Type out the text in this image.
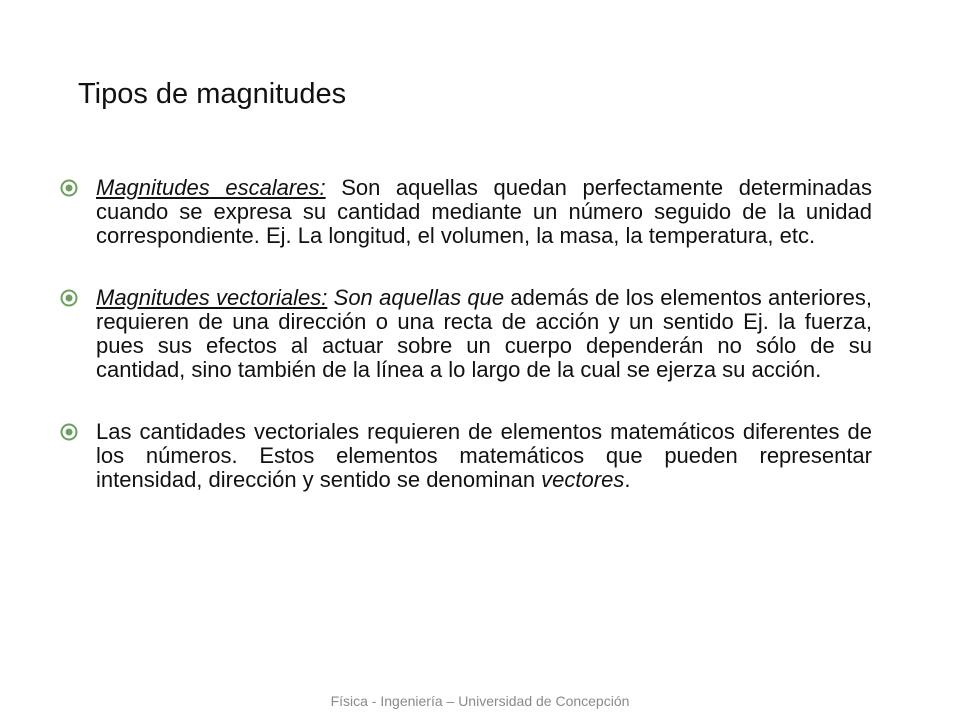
Tipos de magnitudes
Magnitudes escalares: Son aquellas quedan perfectamente determinadas cuando se expresa su cantidad mediante un número seguido de la unidad correspondiente. Ej. La longitud, el volumen, la masa, la temperatura, etc.
Magnitudes vectoriales: Son aquellas que además de los elementos anteriores, requieren de una dirección o una recta de acción y un sentido Ej. la fuerza, pues sus efectos al actuar sobre un cuerpo dependerán no sólo de su cantidad, sino también de la línea a lo largo de la cual se ejerza su acción.
Las cantidades vectoriales requieren de elementos matemáticos diferentes de los números. Estos elementos matemáticos que pueden representar intensidad, dirección y sentido se denominan vectores.
Física - Ingeniería – Universidad de Concepción
